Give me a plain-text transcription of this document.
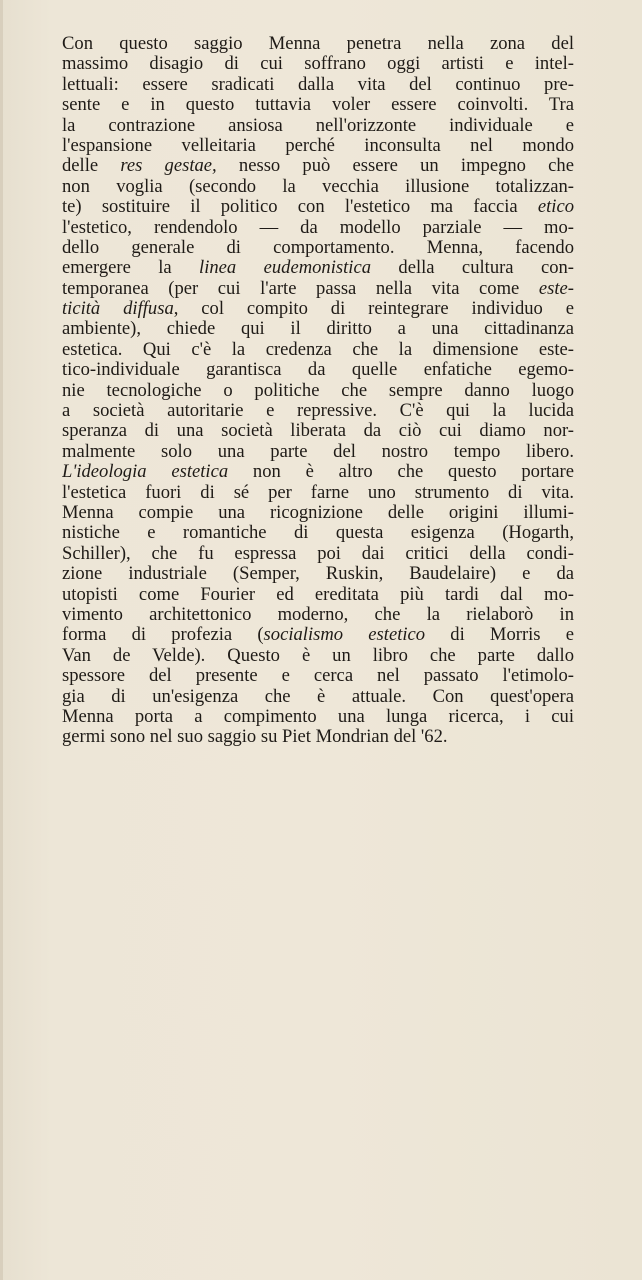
Con questo saggio Menna penetra nella zona del
massimo disagio di cui soffrano oggi artisti e intel-
lettuali: essere sradicati dalla vita del continuo pre-
sente e in questo tuttavia voler essere coinvolti. Tra
la contrazione ansiosa nell'orizzonte individuale e
l'espansione velleitaria perché inconsulta nel mondo
delle res gestae, nesso può essere un impegno che
non voglia (secondo la vecchia illusione totalizzan-
te) sostituire il politico con l'estetico ma faccia etico
l'estetico, rendendolo — da modello parziale — mo-
dello generale di comportamento. Menna, facendo
emergere la linea eudemonistica della cultura con-
temporanea (per cui l'arte passa nella vita come este-
ticità diffusa, col compito di reintegrare individuo e
ambiente), chiede qui il diritto a una cittadinanza
estetica. Qui c'è la credenza che la dimensione este-
tico-individuale garantisca da quelle enfatiche egemo-
nie tecnologiche o politiche che sempre danno luogo
a società autoritarie e repressive. C'è qui la lucida
speranza di una società liberata da ciò cui diamo nor-
malmente solo una parte del nostro tempo libero.
L'ideologia estetica non è altro che questo portare
l'estetica fuori di sé per farne uno strumento di vita.
Menna compie una ricognizione delle origini illumi-
nistiche e romantiche di questa esigenza (Hogarth,
Schiller), che fu espressa poi dai critici della condi-
zione industriale (Semper, Ruskin, Baudelaire) e da
utopisti come Fourier ed ereditata più tardi dal mo-
vimento architettonico moderno, che la rielaborò in
forma di profezia (socialismo estetico di Morris e
Van de Velde). Questo è un libro che parte dallo
spessore del presente e cerca nel passato l'etimolo-
gia di un'esigenza che è attuale. Con quest'opera
Menna porta a compimento una lunga ricerca, i cui
germi sono nel suo saggio su Piet Mondrian del '62.
